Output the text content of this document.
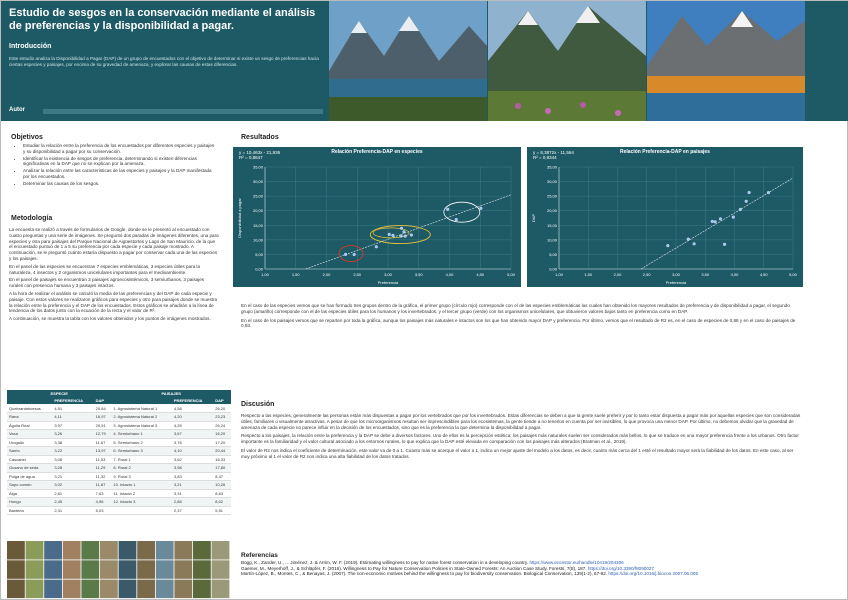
Estudio de sesgos en la conservación mediante el análisis de preferencias y la disponibilidad a pagar.
Introducción
Este estudio analiza la Disponibilidad a Pagar (DAP) de un grupo de encuestados con el objetivo de determinar si existe un sesgo de preferencias hacia ciertas especies y paisajes, por encima de su gravedad de amenaza, y explorar las causas de estas diferencias.
Autor
Objetivos
• Estudiar la relación entre la preferencia de los encuestados por diferentes especies y paisajes y su disponibilidad a pagar por su conservación.
• Identificar la existencia de sesgos de preferencia, determinando si existen diferencias significativas en la DAP que no se explican por la amenaza.
• Analizar la relación entre las características de las especies y paisajes y la DAP manifestada por los encuestados.
• Determinar las causas de los sesgos.
Metodología

La encuesta se realizó a través de formularios de Google, donde se le presentó al encuestado con cuatro preguntas y una serie de imágenes. Se preguntó dos paradas de imágenes diferentes, una para especies y otra para paisajes del Parque Nacional de Aigüestortes y Lago de San Mauricio, de la que el encuestado puntuó de 1 a 5 su preferencia por cada especie y cada paisaje mostrado. A continuación, se le preguntó cuánto estaría dispuesto a pagar por conservar cada una de las especies y los paisajes.

En el panel de las especies se encuentran 7 especies emblemáticas, 3 especies útiles para la naturaleza, 4 insectos y 2 organismos unicelulares importantes para el medioambiente.

En el panel de paisajes se encuentran 3 paisajes agroecosistémicos, 3 semiurbanos, 3 paisajes rurales con presencia humana y 3 paisajes intactos.

A la hora de realizar el análisis se calculó la media de las preferencias y del DAP de cada especie y paisaje. Con estos valores se realizaron gráficos para especies y otro para paisajes donde se muestra la relación entre la preferencia y el DAP de los encuestados. Estos gráficos se añadirán a la línea de tendencia de los datos junto con la ecuación de la recta y el valor de R².

A continuación, se muestra la tabla con los valores obtenidos y los puntos de imágenes mostrados.

ESPECIE			PAISAJES		
	PREFERENCIA	DAP		PREFERENCIA	DAP
Quebrantahuesos	4,51	20,84	1. Agrosistema Natural 1	4,58	26,20
Rana	4,11	16,97	2. Agrosistema Natural 2	4,20	23,23
Águila Real	3,97	20,51	3. Agrosistema Natural 3	4,25	26,24
Vaca	3,26	12,79	4. Semiurbano 1	3,67	16,20
Urogallo	3,38	11,67	5. Semiurbano 2	3,76	17,20
Sarrio	3,22	13,97	6. Semiurbano 3	4,10	20,44
Cascabel	3,08	11,53	7. Rural 1	3,62	16,33
Gusano de seda	3,28	11,29	8. Rural 2	3,98	17,80
Pulga de agua	3,21	11,32	9. Rural 3	3,83	8,47
Sapo común	3,02	11,87	10. Intacto 1	3,21	10,26
Alga	2,81	7,63	11. Intacto 2	3,31	8,63
Hongo	2,45	4,96	12. Intacto 3	2,86	8,02
Bacteria	2,31	5,03		2,37	5,51
Resultados
y = 10,463x - 21,936
R² = 0,8847
Relación Preferencia-DAP en especies
0,00
5,00
10,00
15,00
20,00
25,00
30,00
35,00
1,00	1,50	2,00	2,50	3,00	3,50	4,00	4,50	5,00
Preferencia
Disponibilidad a pagar
y = 8,3872x - 11,564
R² = 0,9344
Relación Preferencia-DAP en paisajes
0,00
5,00
10,00
15,00
20,00
25,00
30,00
35,00
1,00	1,50	2,00	2,50	3,00	3,50	4,00	4,50	5,00
Preferencia
DAP

En el caso de las especies vemos que se han formado tres grupos dentro de la gráfica, el primer grupo (círculo rojo) corresponde con el de las especies emblemáticas las cuales han obtenido los mayores resultados de preferencia y de disponibilidad a pagar, el segundo grupo (amarillo) corresponde con el de las especies útiles para los humanos y los invertebrados, y el tercer grupo (verde) con los organismos unicelulares, que obtuvieron valores bajos tanto en preferencia como en DAP.

En el caso de los paisajes vemos que se reparten por toda la gráfica, aunque los paisajes más naturales e intactos son los que han obtenido mayor DAP y preferencia. Por último, vemos que el resultado de R2 es, en el caso de especies de 0,88 y en el caso de paisajes de 0,93.

Discusión

Respecto a las especies, generalmente las personas están más dispuestas a pagar por los vertebrados que por los invertebrados. Estas diferencias se deben a que la gente suele preferir y por lo tanto estar dispuesta a pagar más por aquellas especies que son consideradas útiles, familiares o visualmente atractivas. A pesar de que los microorganismos resultan ser imprescindibles para los ecosistemas, la gente tiende a no tenerlos en cuenta por ser invisibles, lo que provoca una menor DAP. Por último, no debemos olvidar que la gravedad de amenaza de cada especie no parece influir en la decisión de los encuestados, sino que es la preferencia la que determina la disponibilidad a pagar.

Respecto a los paisajes, la relación entre la preferencia y la DAP se debe a diversos factores. Uno de ellos es la percepción estética; los paisajes más naturales suelen ser considerados más bellos, lo que se traduce en una mayor preferencia frente a los urbanos. Otro factor importante es la familiaridad y el valor cultural asociado a los entornos rurales, lo que explica que la DAP esté elevada en comparación con los paisajes más alterados (Bratman et al., 2019).

El valor de R2 nos indica el coeficiente de determinación, este valor va de 0 a 1. Cuanto más se acerque el valor a 1, indica un mejor ajuste del modelo a los datos, es decir, cuanto más cerca del 1 esté el resultado mayor será la fiabilidad de los datos. En este caso, al ser muy próximo al 1 el valor de R2 nos indica una alta fiabilidad de los datos tratados.

Referencias
Bogg, K., Zander, U., ... Jiménez, J. & Arrim, W. F. (2019). Estimating willingness to pay for native forest conservation in a developing country. https://www.econstor.eu/handle/10419/204306
Gaemer, M., Meyerhoff, J., & Schläpfer, F. (2016). Willingness to Pay for Nature Conservation Policies in State-Owned Forests: An Auction Case Study. Forests, 7(8), 187. https://doi.org/10.3390/f8090027
Martín-López, B., Montes, C., & Benayas, J. (2007). The non-economic motives behind the willingness to pay for biodiversity conservation. Biological Conservation, 139(1-2), 67-82. https://doi.org/10.1016/j.biocon.2007.06.005
